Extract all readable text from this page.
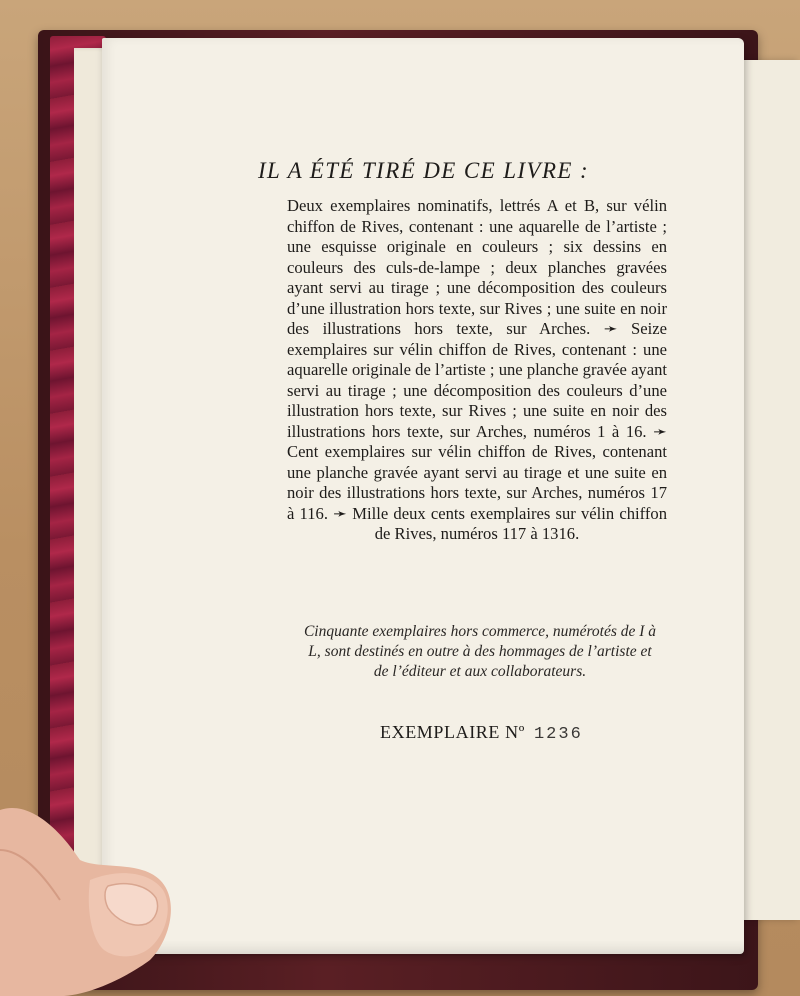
IL A ÉTÉ TIRÉ DE CE LIVRE :
Deux exemplaires nominatifs, lettrés A et B, sur vélin chiffon de Rives, contenant : une aquarelle de l’artiste ; une esquisse originale en couleurs ; six dessins en couleurs des culs-de-lampe ; deux planches gravées ayant servi au tirage ; une décomposition des couleurs d’une illustration hors texte, sur Rives ; une suite en noir des illustrations hors texte, sur Arches. ➛ Seize exemplaires sur vélin chiffon de Rives, contenant : une aquarelle originale de l’artiste ; une planche gravée ayant servi au tirage ; une décomposition des couleurs d’une illustration hors texte, sur Rives ; une suite en noir des illustrations hors texte, sur Arches, numéros 1 à 16. ➛ Cent exemplaires sur vélin chiffon de Rives, contenant une planche gravée ayant servi au tirage et une suite en noir des illustrations hors texte, sur Arches, numéros 17 à 116. ➛ Mille deux cents exemplaires sur vélin chiffon de Rives, numéros 117 à 1316.
Cinquante exemplaires hors commerce, numérotés de I à L, sont destinés en outre à des hommages de l’artiste et de l’éditeur et aux collaborateurs.
EXEMPLAIRE Nº 1236
